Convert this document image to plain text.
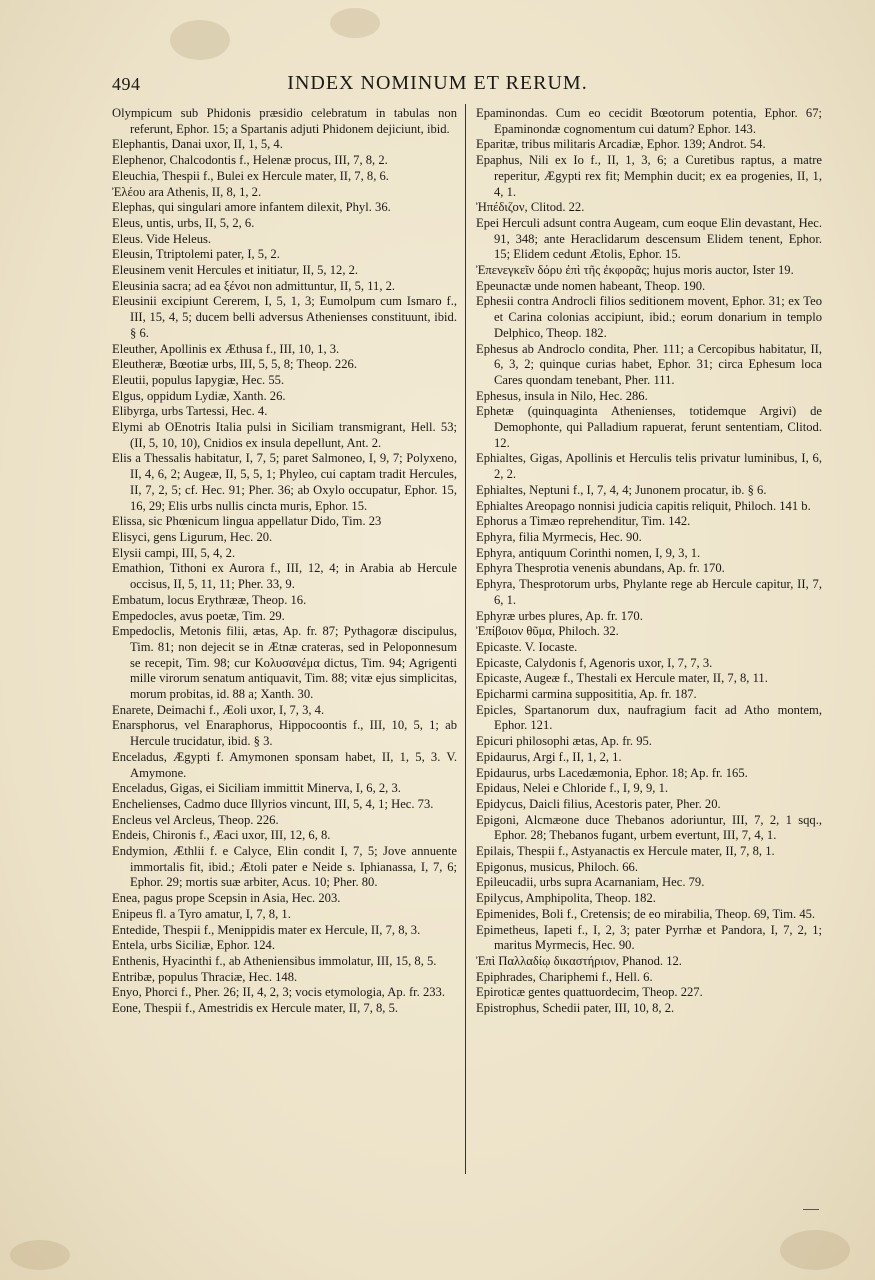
494	INDEX NOMINUM ET RERUM.

Olympicum sub Phidonis præsidio celebratum in tabulas non referunt, Ephor. 15; a Spartanis adjuti Phidonem dejiciunt, ibid.

Elephantis, Danai uxor, II, 1, 5, 4.

Elephenor, Chalcodontis f., Helenæ procus, III, 7, 8, 2.

Eleuchia, Thespii f., Bulei ex Hercule mater, II, 7, 8, 6.

Ἐλέου ara Athenis, II, 8, 1, 2.

Elephas, qui singulari amore infantem dilexit, Phyl. 36.

Eleus, untis, urbs, II, 5, 2, 6.

Eleus. Vide Heleus.

Eleusin, Ttriptolemi pater, I, 5, 2.

Eleusinem venit Hercules et initiatur, II, 5, 12, 2.

Eleusinia sacra; ad ea ξένοι non admittuntur, II, 5, 11, 2.

Eleusinii excipiunt Cererem, I, 5, 1, 3; Eumolpum cum Ismaro f., III, 15, 4, 5; ducem belli adversus Athenienses constituunt, ibid. § 6.

Eleuther, Apollinis ex Æthusa f., III, 10, 1, 3.

Eleutheræ, Bœotiæ urbs, III, 5, 5, 8; Theop. 226.

Eleutii, populus Iapygiæ, Hec. 55.

Elgus, oppidum Lydiæ, Xanth. 26.

Elibyrga, urbs Tartessi, Hec. 4.

Elymi ab OEnotris Italia pulsi in Siciliam transmigrant, Hell. 53; (II, 5, 10, 10), Cnidios ex insula depellunt, Ant. 2.

Elis a Thessalis habitatur, I, 7, 5; paret Salmoneo, I, 9, 7; Polyxeno, II, 4, 6, 2; Augeæ, II, 5, 5, 1; Phyleo, cui captam tradit Hercules, II, 7, 2, 5; cf. Hec. 91; Pher. 36; ab Oxylo occupatur, Ephor. 15, 16, 29; Elis urbs nullis cincta muris, Ephor. 15.

Elissa, sic Phœnicum lingua appellatur Dido, Tim. 23

Elisyci, gens Ligurum, Hec. 20.

Elysii campi, III, 5, 4, 2.

Emathion, Tithoni ex Aurora f., III, 12, 4; in Arabia ab Hercule occisus, II, 5, 11, 11; Pher. 33, 9.

Embatum, locus Erythrææ, Theop. 16.

Empedocles, avus poetæ, Tim. 29.

Empedoclis, Metonis filii, ætas, Ap. fr. 87; Pythagoræ discipulus, Tim. 81; non dejecit se in Ætnæ crateras, sed in Peloponnesum se recepit, Tim. 98; cur Κολυσανέμα dictus, Tim. 94; Agrigenti mille virorum senatum antiquavit, Tim. 88; vitæ ejus simplicitas, morum probitas, id. 88 a; Xanth. 30.

Enarete, Deimachi f., Æoli uxor, I, 7, 3, 4.

Enarsphorus, vel Enaraphorus, Hippocoontis f., III, 10, 5, 1; ab Hercule trucidatur, ibid. § 3.

Enceladus, Ægypti f. Amymonen sponsam habet, II, 1, 5, 3. V. Amymone.

Enceladus, Gigas, ei Siciliam immittit Minerva, I, 6, 2, 3.

Enchelienses, Cadmo duce Illyrios vincunt, III, 5, 4, 1; Hec. 73.

Encleus vel Arcleus, Theop. 226.

Endeis, Chironis f., Æaci uxor, III, 12, 6, 8.

Endymion, Æthlii f. e Calyce, Elin condit I, 7, 5; Jove annuente immortalis fit, ibid.; Ætoli pater e Neide s. Iphianassa, I, 7, 6; Ephor. 29; mortis suæ arbiter, Acus. 10; Pher. 80.

Enea, pagus prope Scepsin in Asia, Hec. 203.

Enipeus fl. a Tyro amatur, I, 7, 8, 1.

Entedide, Thespii f., Menippidis mater ex Hercule, II, 7, 8, 3.

Entela, urbs Siciliæ, Ephor. 124.

Enthenis, Hyacinthi f., ab Atheniensibus immolatur, III, 15, 8, 5.

Entribæ, populus Thraciæ, Hec. 148.

Enyo, Phorci f., Pher. 26; II, 4, 2, 3; vocis etymologia, Ap. fr. 233.

Eone, Thespii f., Amestridis ex Hercule mater, II, 7, 8, 5.

Epaminondas. Cum eo cecidit Bœotorum potentia, Ephor. 67; Epaminondæ cognomentum cui datum? Ephor. 143.

Eparitæ, tribus militaris Arcadiæ, Ephor. 139; Androt. 54.

Epaphus, Nili ex Io f., II, 1, 3, 6; a Curetibus raptus, a matre reperitur, Ægypti rex fit; Memphin ducit; ex ea progenies, II, 1, 4, 1.

Ἠπέδιζον, Clitod. 22.

Epei Herculi adsunt contra Augeam, cum eoque Elin devastant, Hec. 91, 348; ante Heraclidarum descensum Elidem tenent, Ephor. 15; Elidem cedunt Ætolis, Ephor. 15.

Ἐπενεγκεῖν δόρυ ἐπὶ τῆς ἐκφορᾶς; hujus moris auctor, Ister 19.

Epeunactæ unde nomen habeant, Theop. 190.

Ephesii contra Androcli filios seditionem movent, Ephor. 31; ex Teo et Carina colonias accipiunt, ibid.; eorum donarium in templo Delphico, Theop. 182.

Ephesus ab Androclo condita, Pher. 111; a Cercopibus habitatur, II, 6, 3, 2; quinque curias habet, Ephor. 31; circa Ephesum loca Cares quondam tenebant, Pher. 111.

Ephesus, insula in Nilo, Hec. 286.

Ephetæ (quinquaginta Athenienses, totidemque Argivi) de Demophonte, qui Palladium rapuerat, ferunt sententiam, Clitod. 12.

Ephialtes, Gigas, Apollinis et Herculis telis privatur luminibus, I, 6, 2, 2.

Ephialtes, Neptuni f., I, 7, 4, 4; Junonem procatur, ib. § 6.

Ephialtes Areopago nonnisi judicia capitis reliquit, Philoch. 141 b.

Ephorus a Timæo reprehenditur, Tim. 142.

Ephyra, filia Myrmecis, Hec. 90.

Ephyra, antiquum Corinthi nomen, I, 9, 3, 1.

Ephyra Thesprotia venenis abundans, Ap. fr. 170.

Ephyra, Thesprotorum urbs, Phylante rege ab Hercule capitur, II, 7, 6, 1.

Ephyræ urbes plures, Ap. fr. 170.

Ἐπίβοιον θῦμα, Philoch. 32.

Epicaste. V. Iocaste.

Epicaste, Calydonis f, Agenoris uxor, I, 7, 7, 3.

Epicaste, Augeæ f., Thestali ex Hercule mater, II, 7, 8, 11.

Epicharmi carmina supposititia, Ap. fr. 187.

Epicles, Spartanorum dux, naufragium facit ad Atho montem, Ephor. 121.

Epicuri philosophi ætas, Ap. fr. 95.

Epidaurus, Argi f., II, 1, 2, 1.

Epidaurus, urbs Lacedæmonia, Ephor. 18; Ap. fr. 165.

Epidaus, Nelei e Chloride f., I, 9, 9, 1.

Epidycus, Daicli filius, Acestoris pater, Pher. 20.

Epigoni, Alcmæone duce Thebanos adoriuntur, III, 7, 2, 1 sqq., Ephor. 28; Thebanos fugant, urbem evertunt, III, 7, 4, 1.

Epilais, Thespii f., Astyanactis ex Hercule mater, II, 7, 8, 1.

Epigonus, musicus, Philoch. 66.

Epileucadii, urbs supra Acarnaniam, Hec. 79.

Epilycus, Amphipolita, Theop. 182.

Epimenides, Boli f., Cretensis; de eo mirabilia, Theop. 69, Tim. 45.

Epimetheus, Iapeti f., I, 2, 3; pater Pyrrhæ et Pandora, I, 7, 2, 1; maritus Myrmecis, Hec. 90.

Ἐπὶ Παλλαδίῳ δικαστήριον, Phanod. 12.

Epiphrades, Chariphemi f., Hell. 6.

Epiroticæ gentes quattuordecim, Theop. 227.

Epistrophus, Schedii pater, III, 10, 8, 2.
